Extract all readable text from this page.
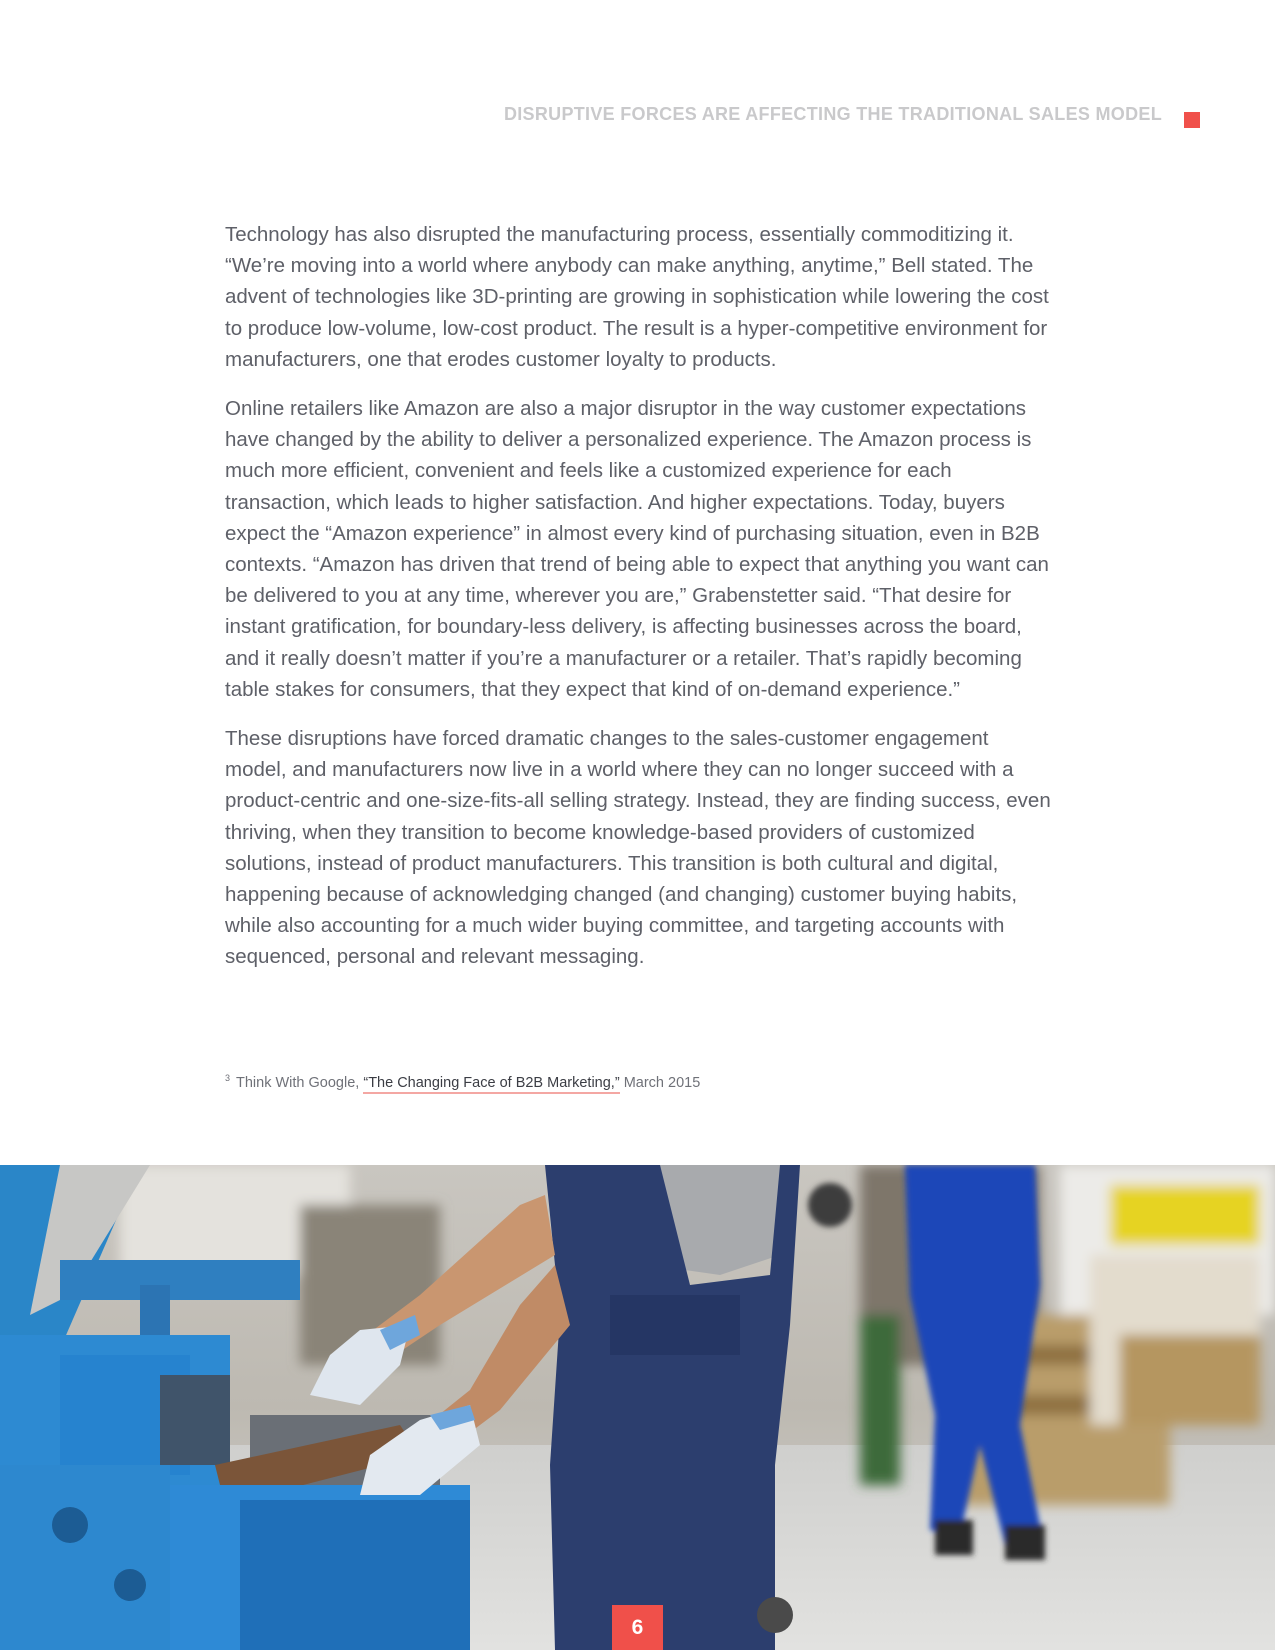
DISRUPTIVE FORCES ARE AFFECTING THE TRADITIONAL SALES MODEL

Technology has also disrupted the manufacturing process, essentially commoditizing it. “We’re moving into a world where anybody can make anything, anytime,” Bell stated. The advent of technologies like 3D-printing are growing in sophistication while lowering the cost to produce low-volume, low-cost product. The result is a hyper-competitive environment for manufacturers, one that erodes customer loyalty to products.

Online retailers like Amazon are also a major disruptor in the way customer expectations have changed by the ability to deliver a personalized experience. The Amazon process is much more efficient, convenient and feels like a customized experience for each transaction, which leads to higher satisfaction. And higher expectations. Today, buyers expect the “Amazon experience” in almost every kind of purchasing situation, even in B2B contexts. “Amazon has driven that trend of being able to expect that anything you want can be delivered to you at any time, wherever you are,” Grabenstetter said. “That desire for instant gratification, for boundary-less delivery, is affecting businesses across the board, and it really doesn’t matter if you’re a manufacturer or a retailer. That’s rapidly becoming table stakes for consumers, that they expect that kind of on-demand experience.”

These disruptions have forced dramatic changes to the sales-customer engagement model, and manufacturers now live in a world where they can no longer succeed with a product-centric and one-size-fits-all selling strategy. Instead, they are finding success, even thriving, when they transition to become knowledge-based providers of customized solutions, instead of product manufacturers. This transition is both cultural and digital, happening because of acknowledging changed (and changing) customer buying habits, while also accounting for a much wider buying committee, and targeting accounts with sequenced, personal and relevant messaging.

$^3$ Think With Google, “The Changing Face of B2B Marketing,” March 2015
6
